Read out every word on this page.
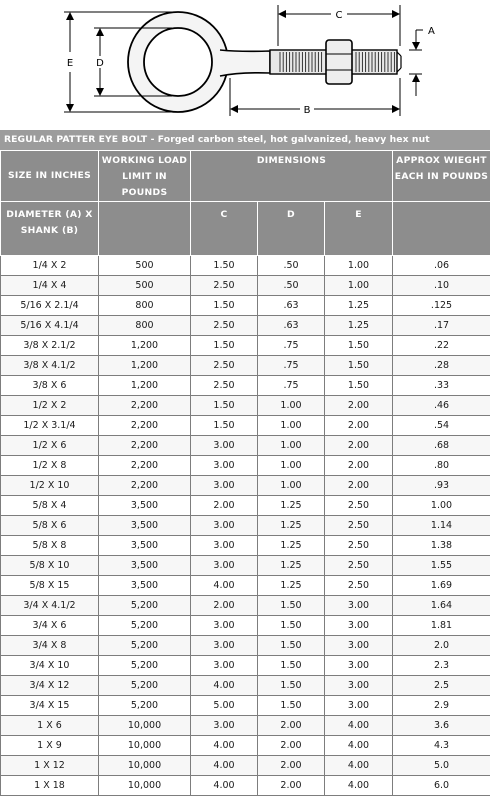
C
A
E D
B
REGULAR PATTER EYE BOLT - Forged carbon steel, hot galvanized, heavy hex nut
SIZE IN INCHES	WORKING LOAD LIMIT IN POUNDS	DIMENSIONS			APPROX WIEGHT EACH IN POUNDS
DIAMETER (A) X SHANK (B)		C	D	E	
1/4 X 2	500	1.50	.50	1.00	.06
1/4 X 4	500	2.50	.50	1.00	.10
5/16 X 2.1/4	800	1.50	.63	1.25	.125
5/16 X 4.1/4	800	2.50	.63	1.25	.17
3/8 X 2.1/2	1,200	1.50	.75	1.50	.22
3/8 X 4.1/2	1,200	2.50	.75	1.50	.28
3/8 X 6	1,200	2.50	.75	1.50	.33
1/2 X 2	2,200	1.50	1.00	2.00	.46
1/2 X 3.1/4	2,200	1.50	1.00	2.00	.54
1/2 X 6	2,200	3.00	1.00	2.00	.68
1/2 X 8	2,200	3.00	1.00	2.00	.80
1/2 X 10	2,200	3.00	1.00	2.00	.93
5/8 X 4	3,500	2.00	1.25	2.50	1.00
5/8 X 6	3,500	3.00	1.25	2.50	1.14
5/8 X 8	3,500	3.00	1.25	2.50	1.38
5/8 X 10	3,500	3.00	1.25	2.50	1.55
5/8 X 15	3,500	4.00	1.25	2.50	1.69
3/4 X 4.1/2	5,200	2.00	1.50	3.00	1.64
3/4 X 6	5,200	3.00	1.50	3.00	1.81
3/4 X 8	5,200	3.00	1.50	3.00	2.0
3/4 X 10	5,200	3.00	1.50	3.00	2.3
3/4 X 12	5,200	4.00	1.50	3.00	2.5
3/4 X 15	5,200	5.00	1.50	3.00	2.9
1 X 6	10,000	3.00	2.00	4.00	3.6
1 X 9	10,000	4.00	2.00	4.00	4.3
1 X 12	10,000	4.00	2.00	4.00	5.0
1 X 18	10,000	4.00	2.00	4.00	6.0
